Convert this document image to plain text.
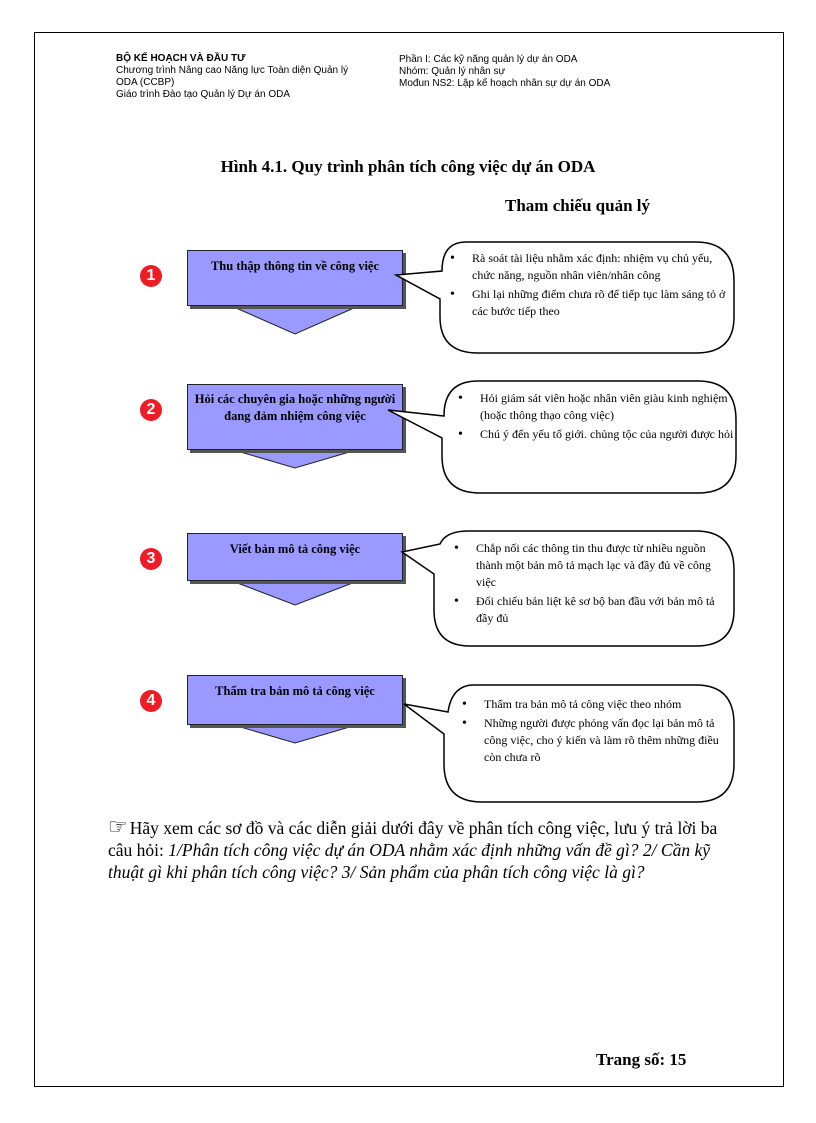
BỘ KẾ HOẠCH VÀ ĐẦU TƯ
Chương trình Nâng cao Năng lực Toàn diện Quản lý
ODA (CCBP)
Giáo trình Đào tạo Quản lý Dự án ODA
Phần I: Các kỹ năng quản lý dự án ODA
Nhóm: Quản lý nhân sự
Mođun NS2: Lập kế hoạch nhân sự dự án ODA
Hình 4.1. Quy trình phân tích công việc dự án ODA
Tham chiếu quản lý
1
Thu thập thông tin về công việc
• Rà soát tài liệu nhằm xác định: nhiệm vụ chủ yếu, chức năng, nguồn nhân viên/nhân công
• Ghi lại những điểm chưa rõ để tiếp tục làm sáng tỏ ở các bước tiếp theo
2
Hỏi các chuyên gia hoặc những người đang đảm nhiệm công việc
• Hỏi giám sát viên hoặc nhân viên giàu kinh nghiệm (hoặc thông thạo công việc)
• Chú ý đến yếu tố giới. chủng tộc của người được hỏi
3
Viết bản mô tả công việc
•	Chắp nối các thông tin thu được từ nhiều nguồn thành một bản mô tả mạch lạc và đầy đủ về công việc
• Đối chiếu bản liệt kê sơ bộ ban đầu với bản mô tả đầy đủ
4
Thẩm tra bản mô tả công việc
• Thẩm tra bản mô tả công việc theo nhóm
• Những người được phỏng vấn đọc lại bản mô tả công việc, cho ý kiến và làm rõ thêm những điều còn chưa rõ
☞ Hãy xem các sơ đồ và các diễn giải dưới đây về phân tích công việc, lưu ý trả lời ba câu hỏi: 1/Phân tích công việc dự án ODA nhằm xác định những vấn đề gì? 2/ Cần kỹ thuật gì khi phân tích công việc? 3/ Sản phẩm của phân tích công việc là gì?
Trang số: 15
